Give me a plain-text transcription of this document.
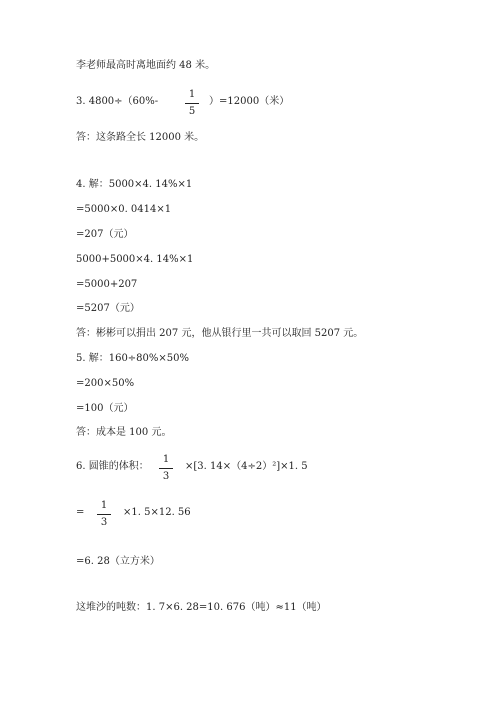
李老师最高时离地面约 48 米。
3. 4800÷（60%-
1
5
）=12000（米）
答：这条路全长 12000 米。
4. 解：5000×4. 14%×1
=5000×0. 0414×1
=207（元）
5000+5000×4. 14%×1
=5000+207
=5207（元）
答：彬彬可以捐出 207 元，他从银行里一共可以取回 5207 元。
5. 解：160÷80%×50%
=200×50%
=100（元）
答：成本是 100 元。
6. 圆锥的体积：
1
3
×[3. 14×（4÷2）²]×1. 5
=
1
3
×1. 5×12. 56
=6. 28（立方米）
这堆沙的吨数：1. 7×6. 28=10. 676（吨）≈11（吨）
